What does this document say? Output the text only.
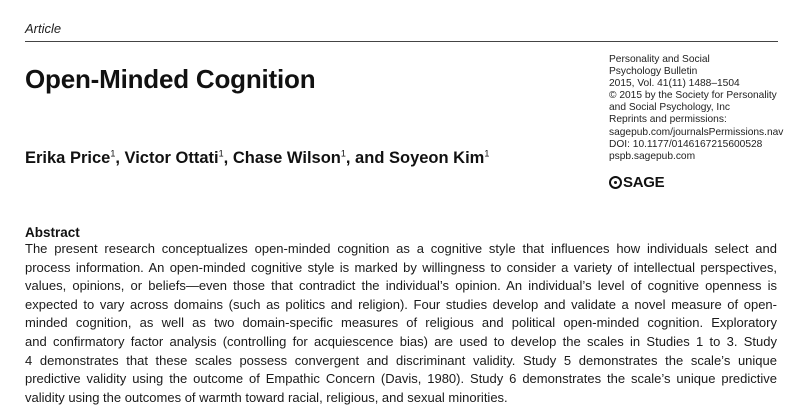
Article
Open-Minded Cognition
Erika Price$^1$, Victor Ottati$^1$, Chase Wilson$^1$, and Soyeon Kim$^1$
Personality and Social
Psychology Bulletin
2015, Vol. 41(11) 1488–1504
© 2015 by the Society for Personality
and Social Psychology, Inc
Reprints and permissions:
sagepub.com/journalsPermissions.nav
DOI: 10.1177/0146167215600528
pspb.sagepub.com
SAGE
Abstract
The present research conceptualizes open-minded cognition as a cognitive style that influences how individuals select and
process information. An open-minded cognitive style is marked by willingness to consider a variety of intellectual perspectives,
values, opinions, or beliefs—even those that contradict the individual’s opinion. An individual’s level of cognitive openness is
expected to vary across domains (such as politics and religion). Four studies develop and validate a novel measure of open-
minded cognition, as well as two domain-specific measures of religious and political open-minded cognition. Exploratory
and confirmatory factor analysis (controlling for acquiescence bias) are used to develop the scales in Studies 1 to 3. Study
4 demonstrates that these scales possess convergent and discriminant validity. Study 5 demonstrates the scale’s unique
predictive validity using the outcome of Empathic Concern (Davis, 1980). Study 6 demonstrates the scale’s unique predictive
validity using the outcomes of warmth toward racial, religious, and sexual minorities.
